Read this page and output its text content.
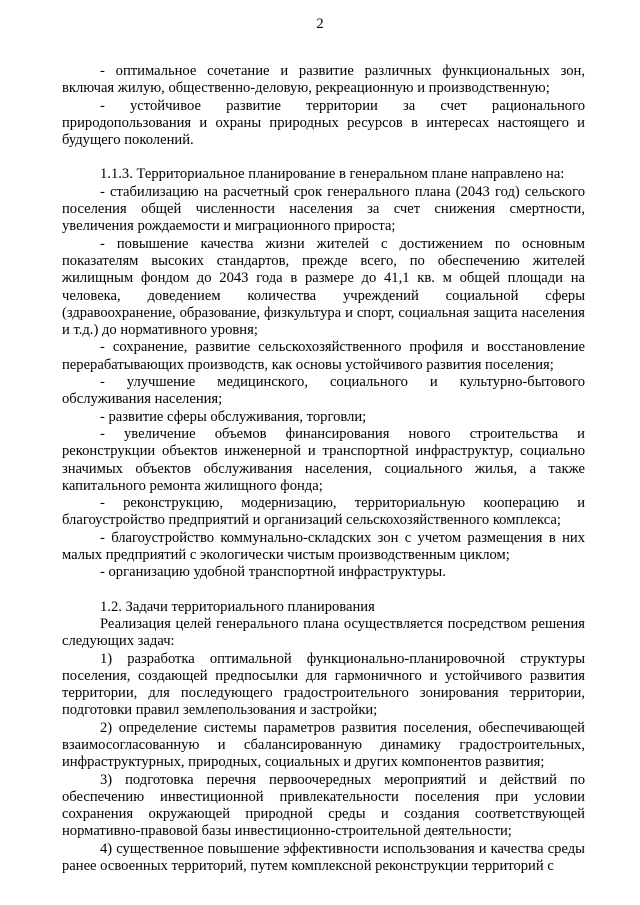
2
- оптимальное сочетание и развитие различных функциональных зон, включая жилую, общественно-деловую, рекреационную и производственную;
- устойчивое развитие территории за счет рационального природопользования и охраны природных ресурсов в интересах настоящего и будущего поколений.
1.1.3. Территориальное планирование в генеральном плане направлено на:
- стабилизацию на расчетный срок генерального плана (2043 год) сельского поселения общей численности населения за счет снижения смертности, увеличения рождаемости и миграционного прироста;
- повышение качества жизни жителей с достижением по основным показателям высоких стандартов, прежде всего, по обеспечению жителей жилищным фондом до 2043 года в размере до 41,1 кв. м общей площади на человека, доведением количества учреждений социальной сферы (здравоохранение, образование, физкультура и спорт, социальная защита населения и т.д.) до нормативного уровня;
- сохранение, развитие сельскохозяйственного профиля и восстановление перерабатывающих производств, как основы устойчивого развития поселения;
- улучшение медицинского, социального и культурно-бытового обслуживания населения;
- развитие сферы обслуживания, торговли;
- увеличение объемов финансирования нового строительства и реконструкции объектов инженерной и транспортной инфраструктур, социально значимых объектов обслуживания населения, социального жилья, а также капитального ремонта жилищного фонда;
- реконструкцию, модернизацию, территориальную кооперацию и благоустройство предприятий и организаций сельскохозяйственного комплекса;
- благоустройство коммунально-складских зон с учетом размещения в них малых предприятий с экологически чистым производственным циклом;
- организацию удобной транспортной инфраструктуры.
1.2. Задачи территориального планирования
Реализация целей генерального плана осуществляется посредством решения следующих задач:
1) разработка оптимальной функционально-планировочной структуры поселения, создающей предпосылки для гармоничного и устойчивого развития территории, для последующего градостроительного зонирования территории, подготовки правил землепользования и застройки;
2) определение системы параметров развития поселения, обеспечивающей взаимосогласованную и сбалансированную динамику градостроительных, инфраструктурных, природных, социальных и других компонентов развития;
3) подготовка перечня первоочередных мероприятий и действий по обеспечению инвестиционной привлекательности поселения при условии сохранения окружающей природной среды и создания соответствующей нормативно-правовой базы инвестиционно-строительной деятельности;
4) существенное повышение эффективности использования и качества среды ранее освоенных территорий, путем комплексной реконструкции территорий с
